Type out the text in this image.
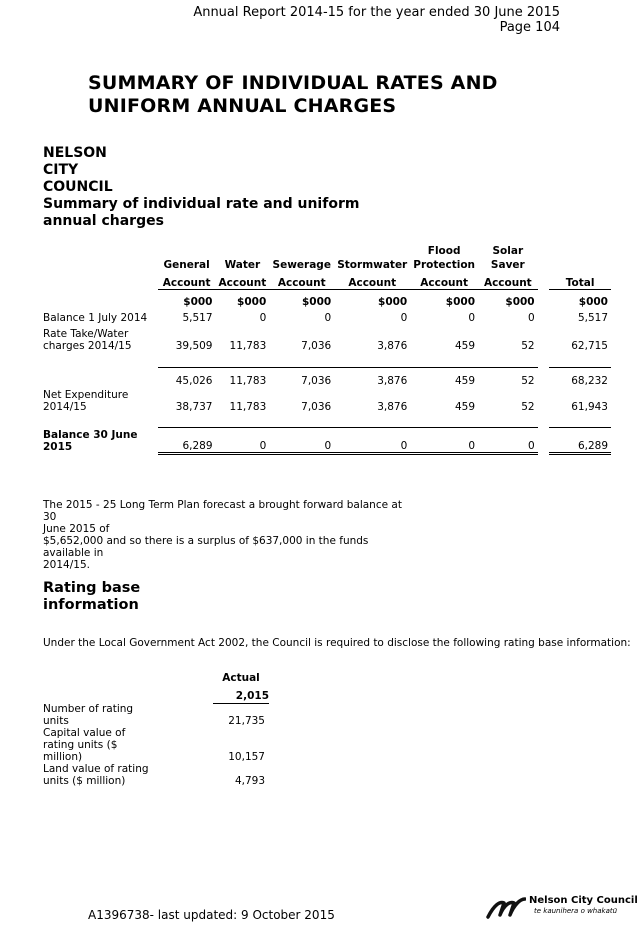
Annual Report 2014-15 for the year ended 30 June 2015
Page 104
SUMMARY OF INDIVIDUAL RATES AND
UNIFORM ANNUAL CHARGES
NELSON
CITY
COUNCIL
Summary of individual rate and uniform
annual charges
					Flood	Solar		
	General	Water	Sewerage	Stormwater	Protection	Saver		
	Account	Account	Account	Account	Account	Account		Total
	$000	$000	$000	$000	$000	$000		$000
Balance 1 July 2014	5,517	0	0	0	0	0		5,517

Rate Take/Water
charges 2014/15	39,509	11,783	7,036	3,876	459	52		62,715

	45,026	11,783	7,036	3,876	459	52		68,232

Net Expenditure
2014/15	38,737	11,783	7,036	3,876	459	52		61,943

Balance 30 June
2015	6,289	0	0	0	0	0		6,289
The 2015 - 25 Long Term Plan forecast a brought forward balance at 30
June 2015 of
$5,652,000 and so there is a surplus of $637,000 in the funds available in
2014/15.
Rating base
information
Under the Local Government Act 2002, the Council is required to disclose the following rating base information:
	Actual
	2,015

Number of rating
units	21,735

Capital value of
rating units ($
million)	10,157

Land value of rating
units ($ million)	4,793
A1396738- last updated: 9 October 2015
Nelson City Council
te kaunihera o whakatū
